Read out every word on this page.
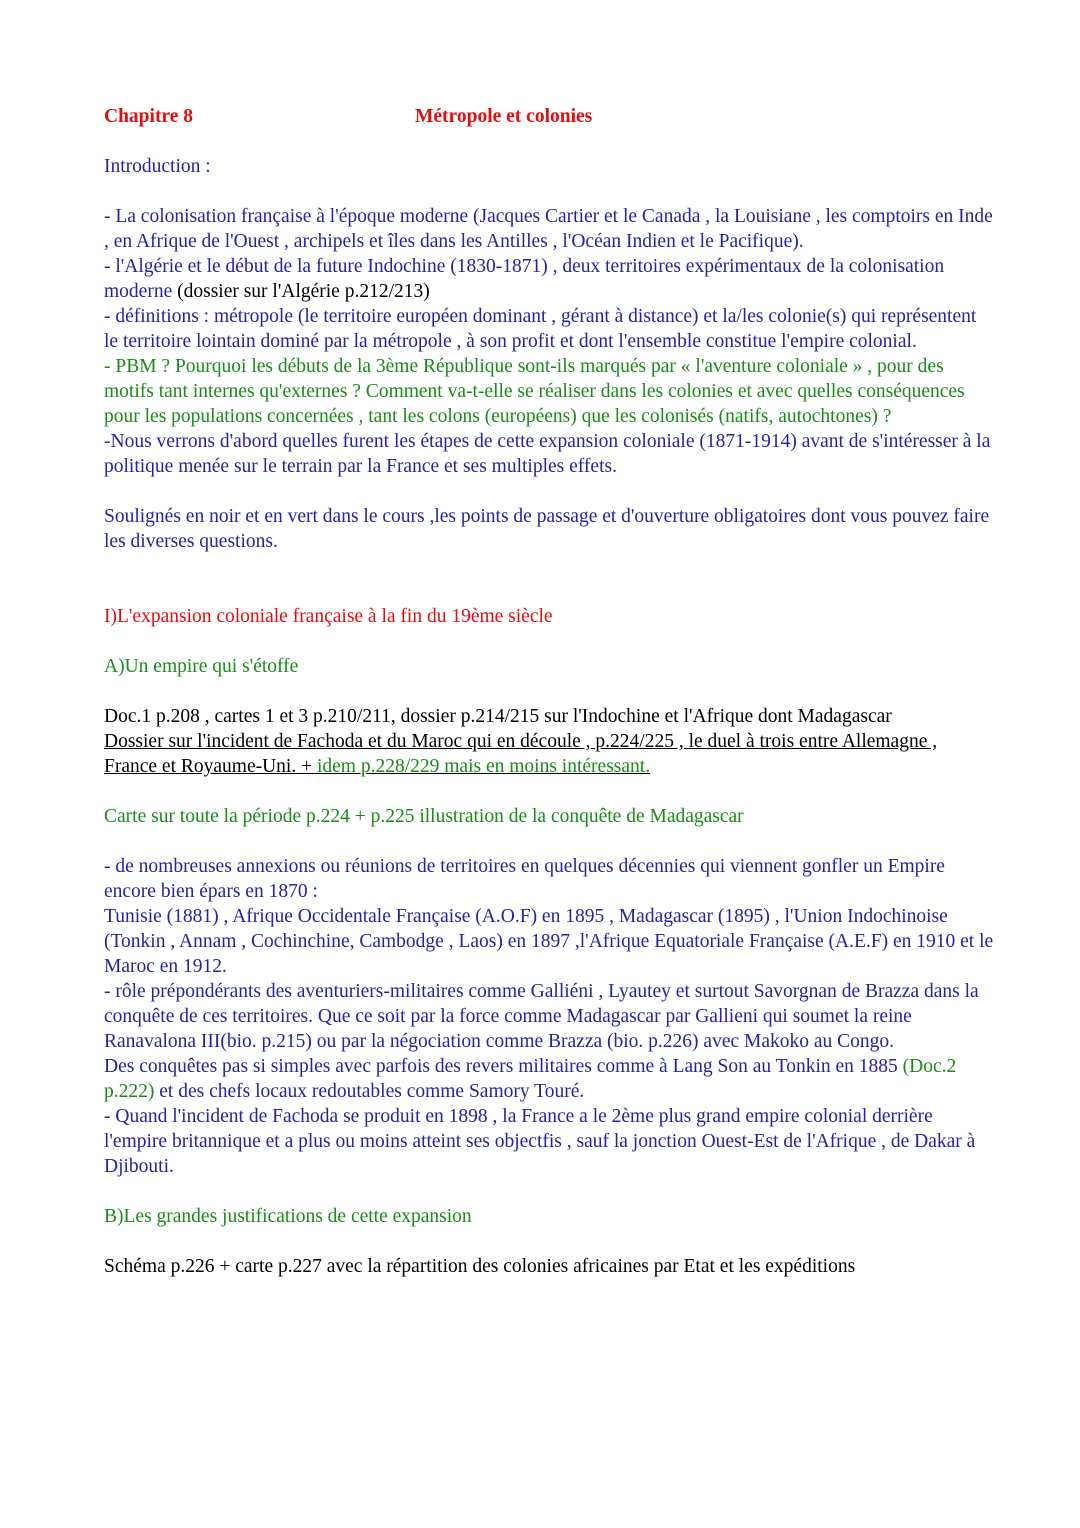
Chapitre 8	Métropole et colonies

Introduction :

- La colonisation française à l'époque moderne (Jacques Cartier et le Canada , la Louisiane , les comptoirs en Inde , en Afrique de l'Ouest , archipels et îles dans les Antilles , l'Océan Indien et le Pacifique).

- l'Algérie et le début de la future Indochine (1830-1871) , deux territoires expérimentaux de la colonisation moderne (dossier sur l'Algérie p.212/213)

- définitions : métropole (le territoire européen dominant , gérant à distance) et la/les colonie(s) qui représentent le territoire lointain dominé par la métropole , à son profit et dont l'ensemble constitue l'empire colonial.

- PBM ? Pourquoi les débuts de la 3ème République sont-ils marqués par « l'aventure coloniale » , pour des motifs tant internes qu'externes ? Comment va-t-elle se réaliser dans les colonies et avec quelles conséquences pour les populations concernées , tant les colons (européens) que les colonisés (natifs, autochtones) ?

-Nous verrons d'abord quelles furent les étapes de cette expansion coloniale (1871-1914) avant de s'intéresser à la politique menée sur le terrain par la France et ses multiples effets.

Soulignés en noir et en vert dans le cours ,les points de passage et d'ouverture obligatoires dont vous pouvez faire les diverses questions.

I)L'expansion coloniale française à la fin du 19ème siècle

A)Un empire qui s'étoffe

Doc.1 p.208 , cartes 1 et 3 p.210/211, dossier p.214/215 sur l'Indochine et l'Afrique dont Madagascar

Dossier sur l'incident de Fachoda et du Maroc qui en découle , p.224/225 , le duel à trois entre Allemagne , France et Royaume-Uni. + idem p.228/229 mais en moins intéressant.

Carte sur toute la période p.224 + p.225 illustration de la conquête de Madagascar

- de nombreuses annexions ou réunions de territoires en quelques décennies qui viennent gonfler un Empire encore bien épars en 1870 :

Tunisie (1881) , Afrique Occidentale Française (A.O.F) en 1895 , Madagascar (1895) , l'Union Indochinoise (Tonkin , Annam , Cochinchine, Cambodge , Laos) en 1897 ,l'Afrique Equatoriale Française (A.E.F) en 1910 et le Maroc en 1912.

- rôle prépondérants des aventuriers-militaires comme Galliéni , Lyautey et surtout Savorgnan de Brazza dans la conquête de ces territoires. Que ce soit par la force comme Madagascar par Gallieni qui soumet la reine Ranavalona III(bio. p.215) ou par la négociation comme Brazza (bio. p.226) avec Makoko au Congo.

Des conquêtes pas si simples avec parfois des revers militaires comme à Lang Son au Tonkin en 1885 (Doc.2 p.222) et des chefs locaux redoutables comme Samory Touré.

- Quand l'incident de Fachoda se produit en 1898 , la France a le 2ème plus grand empire colonial derrière l'empire britannique et a plus ou moins atteint ses objectfis , sauf la jonction Ouest-Est de l'Afrique , de Dakar à Djibouti.

B)Les grandes justifications de cette expansion

Schéma p.226 + carte p.227 avec la répartition des colonies africaines par Etat et les expéditions
